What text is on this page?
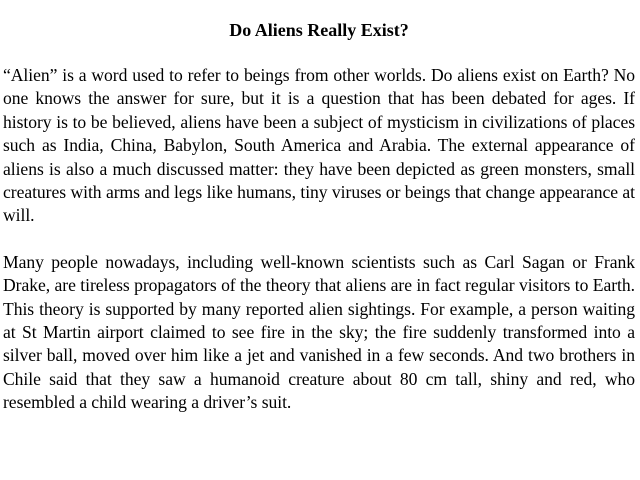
Do Aliens Really Exist?

“Alien” is a word used to refer to beings from other worlds. Do aliens exist on Earth? No one knows the answer for sure, but it is a question that has been debated for ages. If history is to be believed, aliens have been a subject of mysticism in civilizations of places such as India, China, Babylon, South America and Arabia. The external appearance of aliens is also a much discussed matter: they have been depicted as green monsters, small creatures with arms and legs like humans, tiny viruses or beings that change appearance at will.

Many people nowadays, including well-known scientists such as Carl Sagan or Frank Drake, are tireless propagators of the theory that aliens are in fact regular visitors to Earth. This theory is supported by many reported alien sightings. For example, a person waiting at St Martin airport claimed to see fire in the sky; the fire suddenly transformed into a silver ball, moved over him like a jet and vanished in a few seconds. And two brothers in Chile said that they saw a humanoid creature about 80 cm tall, shiny and red, who resembled a child wearing a driver’s suit.
